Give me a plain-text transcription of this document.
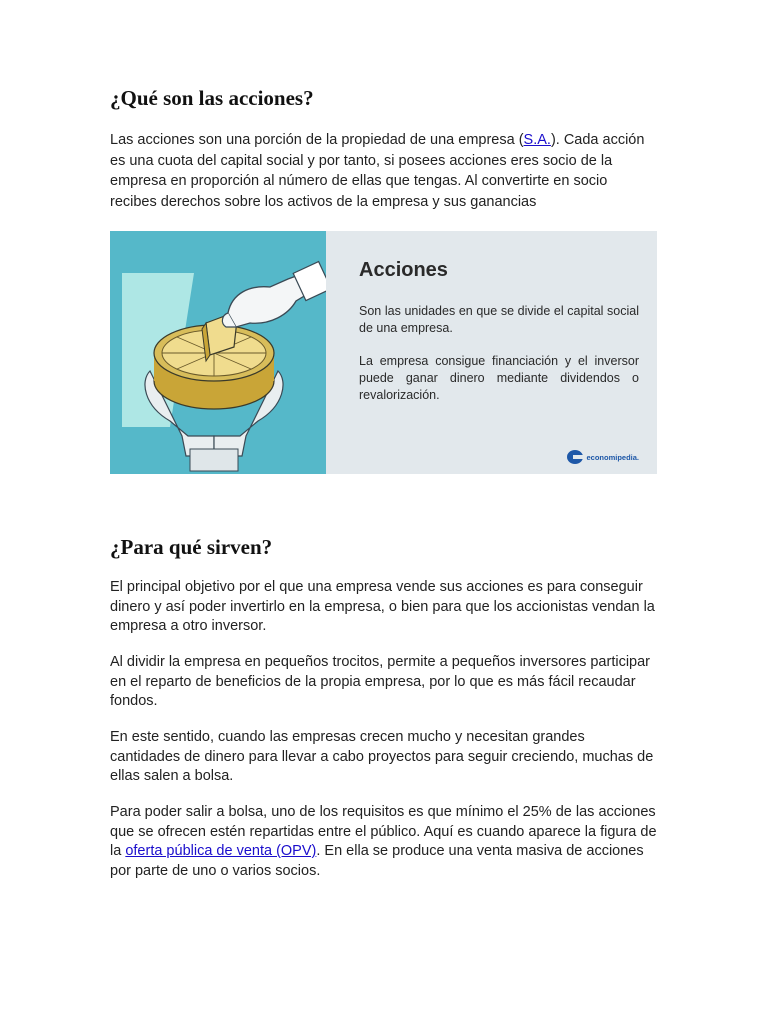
¿Qué son las acciones?

Las acciones son una porción de la propiedad de una empresa (S.A.). Cada acción es una cuota del capital social y por tanto, si posees acciones eres socio de la empresa en proporción al número de ellas que tengas. Al convertirte en socio recibes derechos sobre los activos de la empresa y sus ganancias

Acciones
Son las unidades en que se divide el capital social de una empresa.
La empresa consigue financiación y el inversor puede ganar dinero mediante dividendos o revalorización.
economipedia.
¿Para qué sirven?

El principal objetivo por el que una empresa vende sus acciones es para conseguir dinero y así poder invertirlo en la empresa, o bien para que los accionistas vendan la empresa a otro inversor.

Al dividir la empresa en pequeños trocitos, permite a pequeños inversores participar en el reparto de beneficios de la propia empresa, por lo que es más fácil recaudar fondos.

En este sentido, cuando las empresas crecen mucho y necesitan grandes cantidades de dinero para llevar a cabo proyectos para seguir creciendo, muchas de ellas salen a bolsa.

Para poder salir a bolsa, uno de los requisitos es que mínimo el 25% de las acciones que se ofrecen estén repartidas entre el público. Aquí es cuando aparece la figura de la oferta pública de venta (OPV). En ella se produce una venta masiva de acciones por parte de uno o varios socios.
